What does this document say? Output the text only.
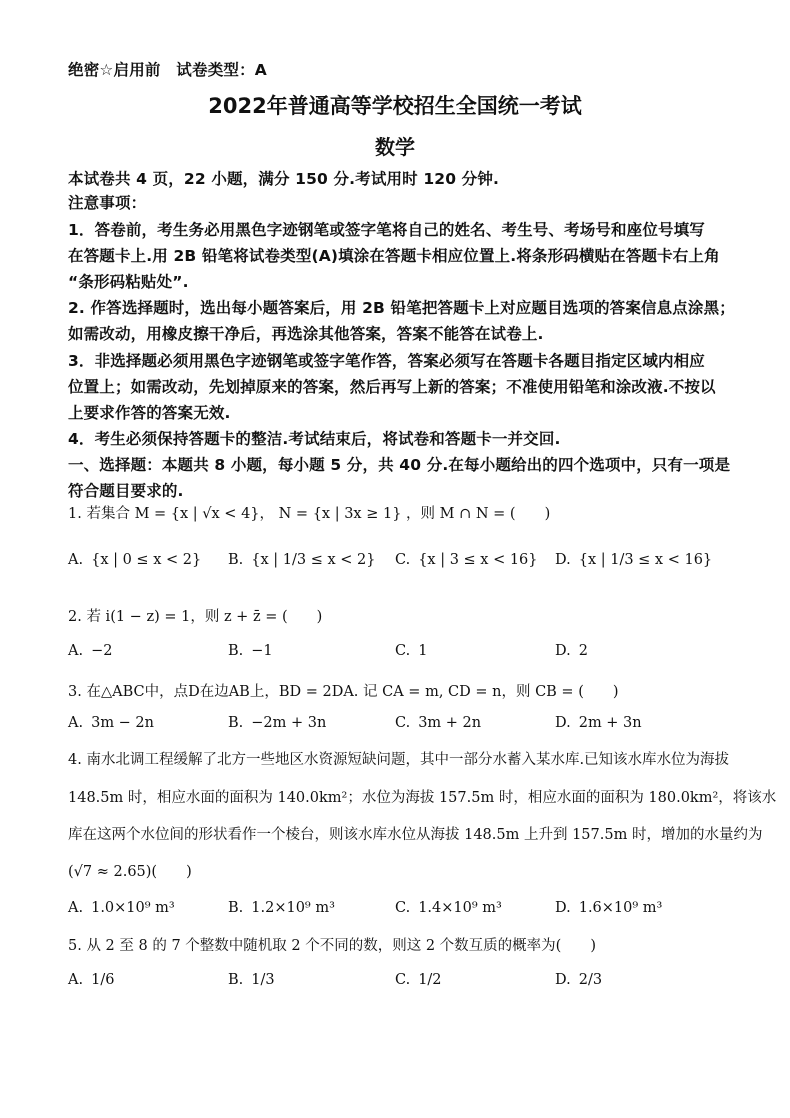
绝密☆启用前　试卷类型：A
2022年普通高等学校招生全国统一考试
数学
本试卷共 4 页，22 小题，满分 150 分.考试用时 120 分钟.
注意事项：
1．答卷前，考生务必用黑色字迹钢笔或签字笔将自己的姓名、考生号、考场号和座位号填写
在答题卡上.用 2B 铅笔将试卷类型(A)填涂在答题卡相应位置上.将条形码横贴在答题卡右上角
“条形码粘贴处”.
2. 作答选择题时，选出每小题答案后，用 2B 铅笔把答题卡上对应题目选项的答案信息点涂黑；
如需改动，用橡皮擦干净后，再选涂其他答案，答案不能答在试卷上.
3．非选择题必须用黑色字迹钢笔或签字笔作答，答案必须写在答题卡各题目指定区域内相应
位置上；如需改动，先划掉原来的答案，然后再写上新的答案；不准使用铅笔和涂改液.不按以
上要求作答的答案无效.
4．考生必须保持答题卡的整洁.考试结束后，将试卷和答题卡一并交回.
一、选择题：本题共 8 小题，每小题 5 分，共 40 分.在每小题给出的四个选项中，只有一项是
符合题目要求的.
1. 若集合 M = {x | √x < 4}， N = {x | 3x ≥ 1} ，则 M ∩ N = (　　)
A. {x | 0 ≤ x < 2} B. {x | 1/3 ≤ x < 2} C. {x | 3 ≤ x < 16} D. {x | 1/3 ≤ x < 16}
2. 若 i(1 − z) = 1，则 z + z̄ = (　　)
A. −2	B. −1	C. 1	D. 2
3. 在△ABC中，点D在边AB上，BD = 2DA. 记 CA = m, CD = n，则 CB = (　　)
A. 3m − 2n	B. −2m + 3n	C. 3m + 2n	D. 2m + 3n
4. 南水北调工程缓解了北方一些地区水资源短缺问题，其中一部分水蓄入某水库.已知该水库水位为海拔
148.5m 时，相应水面的面积为 140.0km²；水位为海拔 157.5m 时，相应水面的面积为 180.0km²，将该水
库在这两个水位间的形状看作一个棱台，则该水库水位从海拔 148.5m 上升到 157.5m 时，增加的水量约为
(√7 ≈ 2.65)(　　)
A. 1.0×10⁹ m³	B. 1.2×10⁹ m³	C. 1.4×10⁹ m³	D. 1.6×10⁹ m³
5. 从 2 至 8 的 7 个整数中随机取 2 个不同的数，则这 2 个数互质的概率为(　　)
A. 1/6	B. 1/3	C. 1/2	D. 2/3
